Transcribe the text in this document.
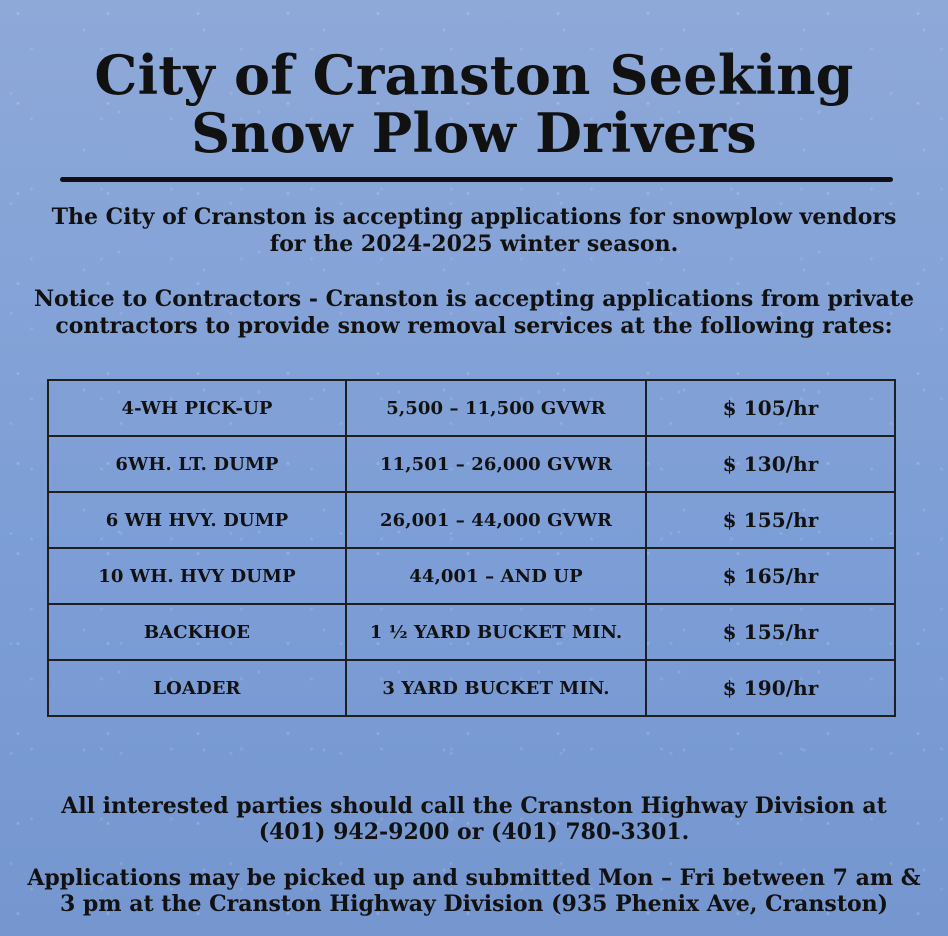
City of Cranston Seeking
Snow Plow Drivers
The City of Cranston is accepting applications for snowplow vendors
for the 2024-2025 winter season.
Notice to Contractors - Cranston is accepting applications from private
contractors to provide snow removal services at the following rates:
4-WH PICK-UP	5,500 – 11,500 GVWR	$ 105/hr
6WH. LT. DUMP	11,501 – 26,000 GVWR	$ 130/hr
6 WH HVY. DUMP	26,001 – 44,000 GVWR	$ 155/hr
10 WH. HVY DUMP	44,001 – AND UP	$ 165/hr
BACKHOE	1 ½ YARD BUCKET MIN.	$ 155/hr
LOADER	3 YARD BUCKET MIN.	$ 190/hr
All interested parties should call the Cranston Highway Division at
(401) 942-9200 or (401) 780-3301.
Applications may be picked up and submitted Mon – Fri between 7 am &
3 pm at the Cranston Highway Division (935 Phenix Ave, Cranston)
